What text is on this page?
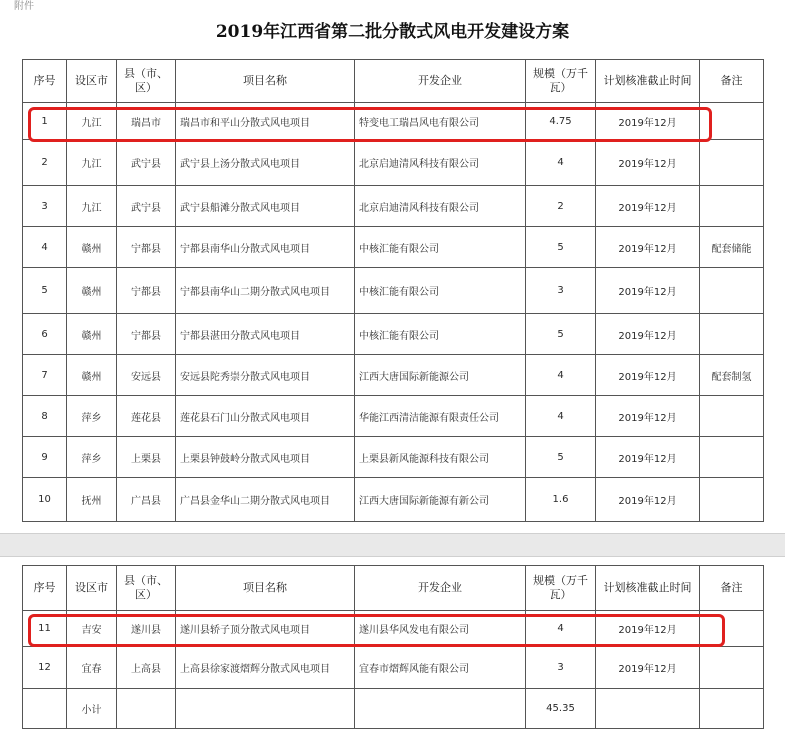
附件
2019年江西省第二批分散式风电开发建设方案
序号	设区市	县（市、区）	项目名称	开发企业	规模（万千瓦）	计划核准截止时间	备注
1	九江	瑞昌市	瑞昌市和平山分散式风电项目	特变电工瑞昌风电有限公司	4.75	2019年12月	
2	九江	武宁县	武宁县上汤分散式风电项目	北京启迪清风科技有限公司	4	2019年12月	
3	九江	武宁县	武宁县船滩分散式风电项目	北京启迪清风科技有限公司	2	2019年12月	
4	赣州	宁都县	宁都县南华山分散式风电项目	中核汇能有限公司	5	2019年12月	配套储能
5	赣州	宁都县	宁都县南华山二期分散式风电项目	中核汇能有限公司	3	2019年12月	
6	赣州	宁都县	宁都县湛田分散式风电项目	中核汇能有限公司	5	2019年12月	
7	赣州	安远县	安远县陀秀崇分散式风电项目	江西大唐国际新能源公司	4	2019年12月	配套制氢
8	萍乡	莲花县	莲花县石门山分散式风电项目	华能江西清洁能源有限责任公司	4	2019年12月	
9	萍乡	上栗县	上栗县钟鼓岭分散式风电项目	上栗县新风能源科技有限公司	5	2019年12月	
10	抚州	广昌县	广昌县金华山二期分散式风电项目	江西大唐国际新能源有新公司	1.6	2019年12月	
序号	设区市	县（市、区）	项目名称	开发企业	规模（万千瓦）	计划核准截止时间	备注
11	吉安	遂川县	遂川县轿子顶分散式风电项目	遂川县华风发电有限公司	4	2019年12月	
12	宜春	上高县	上高县徐家渡熠辉分散式风电项目	宜春市熠辉风能有限公司	3	2019年12月	
	小计				45.35		
